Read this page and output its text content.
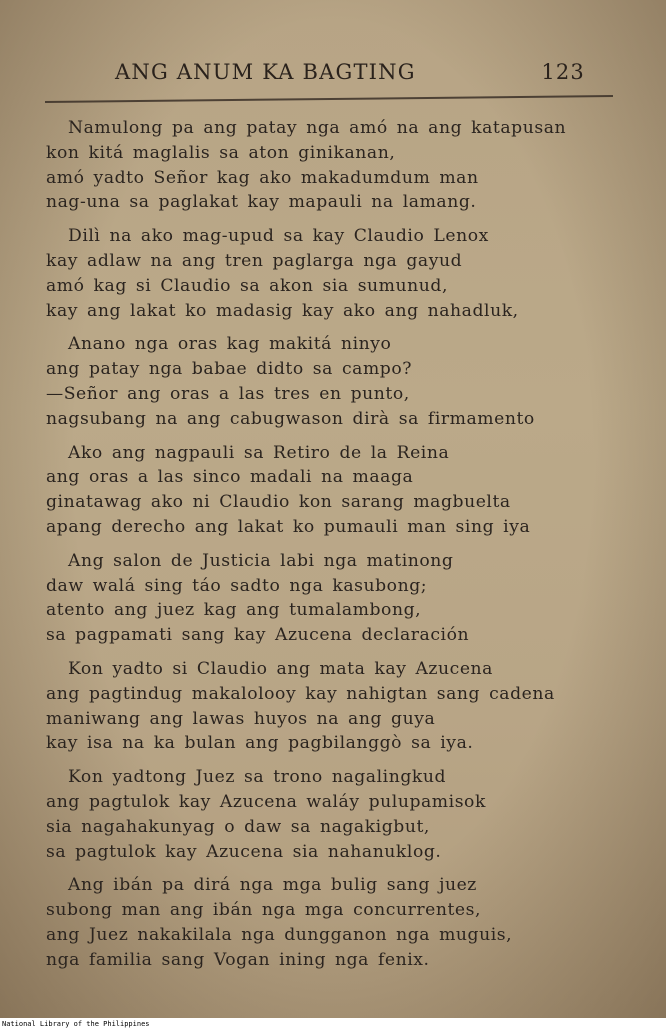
ANG ANUM KA BAGTING	123
Namulong pa ang patay nga amó na ang katapusan
kon kitá maglalis sa aton ginikanan,
amó yadto Señor kag ako makadumdum man
nag-una sa paglakat kay mapauli na lamang.
Dilì na ako mag-upud sa kay Claudio Lenox
kay adlaw na ang tren paglarga nga gayud
amó kag si Claudio sa akon sia sumunud,
kay ang lakat ko madasig kay ako ang nahadluk,
Anano nga oras kag makitá ninyo
ang patay nga babae didto sa campo?
—Señor ang oras a las tres en punto,
nagsubang na ang cabugwason dirà sa firmamento
Ako ang nagpauli sa Retiro de la Reina
ang oras a las sinco madali na maaga
ginatawag ako ni Claudio kon sarang magbuelta
apang derecho ang lakat ko pumauli man sing iya
Ang salon de Justicia labi nga matinong
daw walá sing táo sadto nga kasubong;
atento ang juez kag ang tumalambong,
sa pagpamati sang kay Azucena declaración
Kon yadto si Claudio ang mata kay Azucena
ang pagtindug makalolooy kay nahigtan sang cadena
maniwang ang lawas huyos na ang guya
kay isa na ka bulan ang pagbilanggò sa iya.
Kon yadtong Juez sa trono nagalingkud
ang pagtulok kay Azucena waláy pulupamisok
sia nagahakunyag o daw sa nagakigbut,
sa pagtulok kay Azucena sia nahanuklog.
Ang ibán pa dirá nga mga bulig sang juez
subong man ang ibán nga mga concurrentes,
ang Juez nakakilala nga dungganon nga muguis,
nga familia sang Vogan ining nga fenix.
National Library of the Philippines
